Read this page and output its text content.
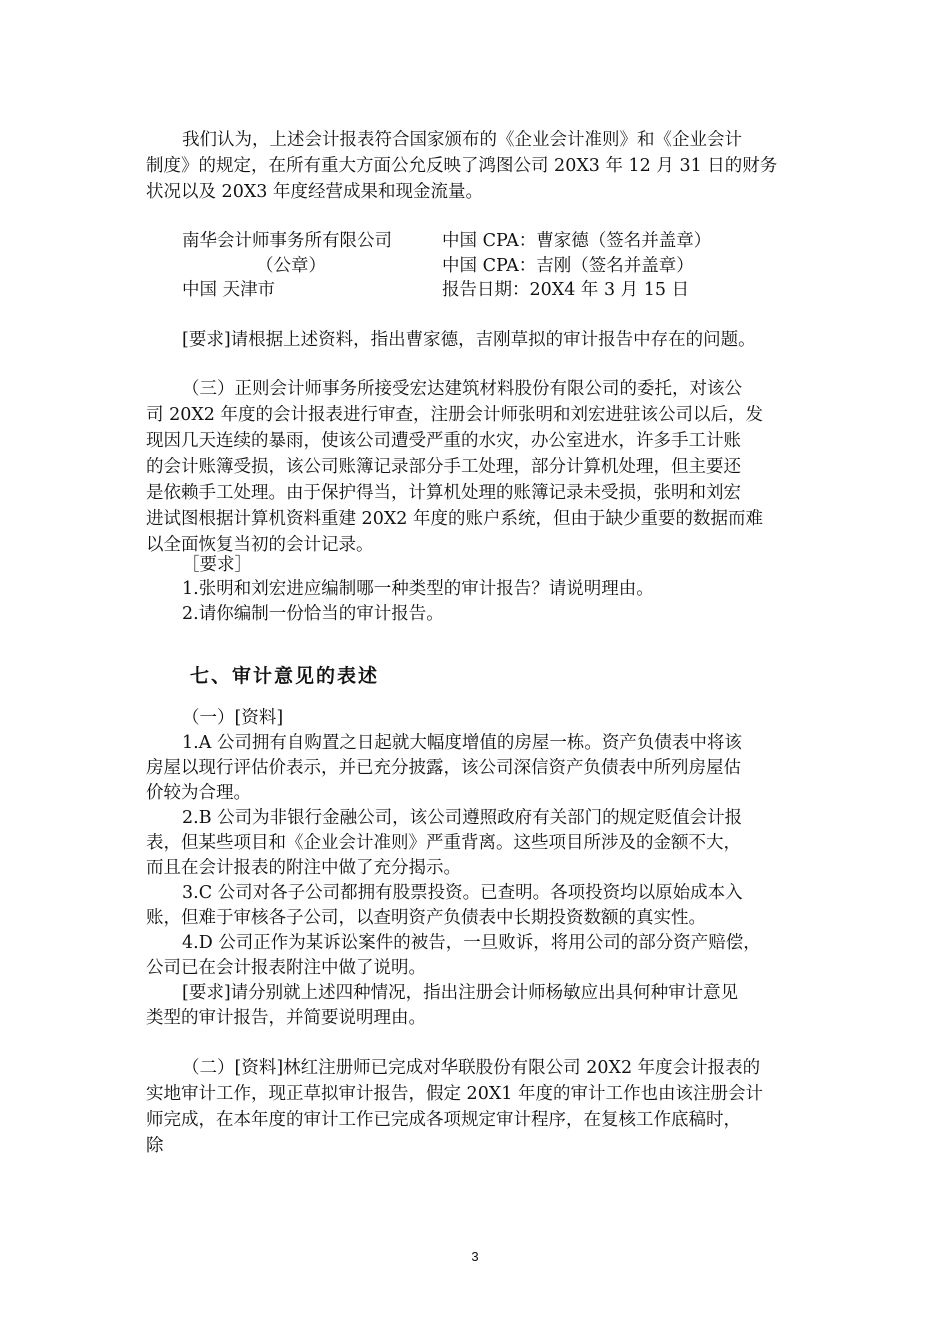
我们认为，上述会计报表符合国家颁布的《企业会计准则》和《企业会计
制度》的规定，在所有重大方面公允反映了鸿图公司 20X3 年 12 月 31 日的财务
状况以及 20X3 年度经营成果和现金流量。
南华会计师事务所有限公司	中国 CPA：曹家德（签名并盖章）
（公章）	中国 CPA：吉刚（签名并盖章）
中国 天津市	报告日期：20X4 年 3 月 15 日
[要求]请根据上述资料，指出曹家德，吉刚草拟的审计报告中存在的问题。
（三）正则会计师事务所接受宏达建筑材料股份有限公司的委托，对该公
司 20X2 年度的会计报表进行审查，注册会计师张明和刘宏进驻该公司以后，发
现因几天连续的暴雨，使该公司遭受严重的水灾，办公室进水，许多手工计账
的会计账簿受损，该公司账簿记录部分手工处理，部分计算机处理，但主要还
是依赖手工处理。由于保护得当，计算机处理的账簿记录未受损，张明和刘宏
进试图根据计算机资料重建 20X2 年度的账户系统，但由于缺少重要的数据而难
以全面恢复当初的会计记录。
［要求］
1.张明和刘宏进应编制哪一种类型的审计报告？请说明理由。
2.请你编制一份恰当的审计报告。
七、审计意见的表述
（一）[资料]
1.A 公司拥有自购置之日起就大幅度增值的房屋一栋。资产负债表中将该
房屋以现行评估价表示，并已充分披露，该公司深信资产负债表中所列房屋估
价较为合理。
2.B 公司为非银行金融公司，该公司遵照政府有关部门的规定贬值会计报
表，但某些项目和《企业会计准则》严重背离。这些项目所涉及的金额不大，
而且在会计报表的附注中做了充分揭示。
3.C 公司对各子公司都拥有股票投资。已查明。各项投资均以原始成本入
账，但难于审核各子公司，以查明资产负债表中长期投资数额的真实性。
4.D 公司正作为某诉讼案件的被告，一旦败诉，将用公司的部分资产赔偿，
公司已在会计报表附注中做了说明。
[要求]请分别就上述四种情况，指出注册会计师杨敏应出具何种审计意见
类型的审计报告，并简要说明理由。
（二）[资料]林红注册师已完成对华联股份有限公司 20X2 年度会计报表的
实地审计工作，现正草拟审计报告，假定 20X1 年度的审计工作也由该注册会计
师完成，在本年度的审计工作已完成各项规定审计程序，在复核工作底稿时，
除
3
